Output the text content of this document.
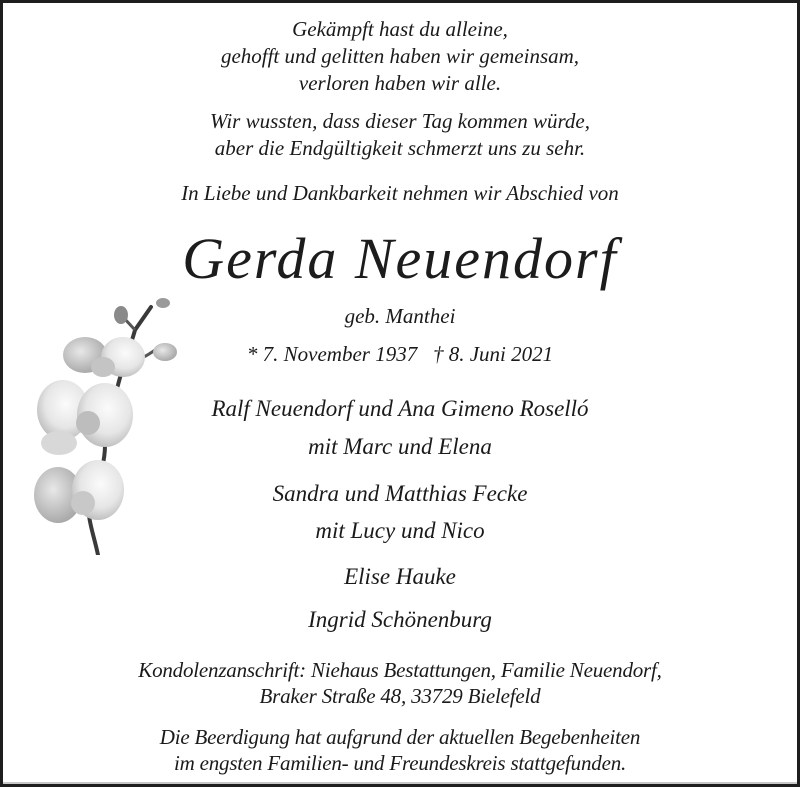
Gekämpft hast du alleine,
gehofft und gelitten haben wir gemeinsam,
verloren haben wir alle.
Wir wussten, dass dieser Tag kommen würde,
aber die Endgültigkeit schmerzt uns zu sehr.
In Liebe und Dankbarkeit nehmen wir Abschied von
Gerda Neuendorf
geb. Manthei
* 7. November 1937   † 8. Juni 2021
Ralf Neuendorf und Ana Gimeno Roselló
mit Marc und Elena
Sandra und Matthias Fecke
mit Lucy und Nico
Elise Hauke
Ingrid Schönenburg
Kondolenzanschrift: Niehaus Bestattungen, Familie Neuendorf,
Braker Straße 48, 33729 Bielefeld
Die Beerdigung hat aufgrund der aktuellen Begebenheiten
im engsten Familien- und Freundeskreis stattgefunden.
